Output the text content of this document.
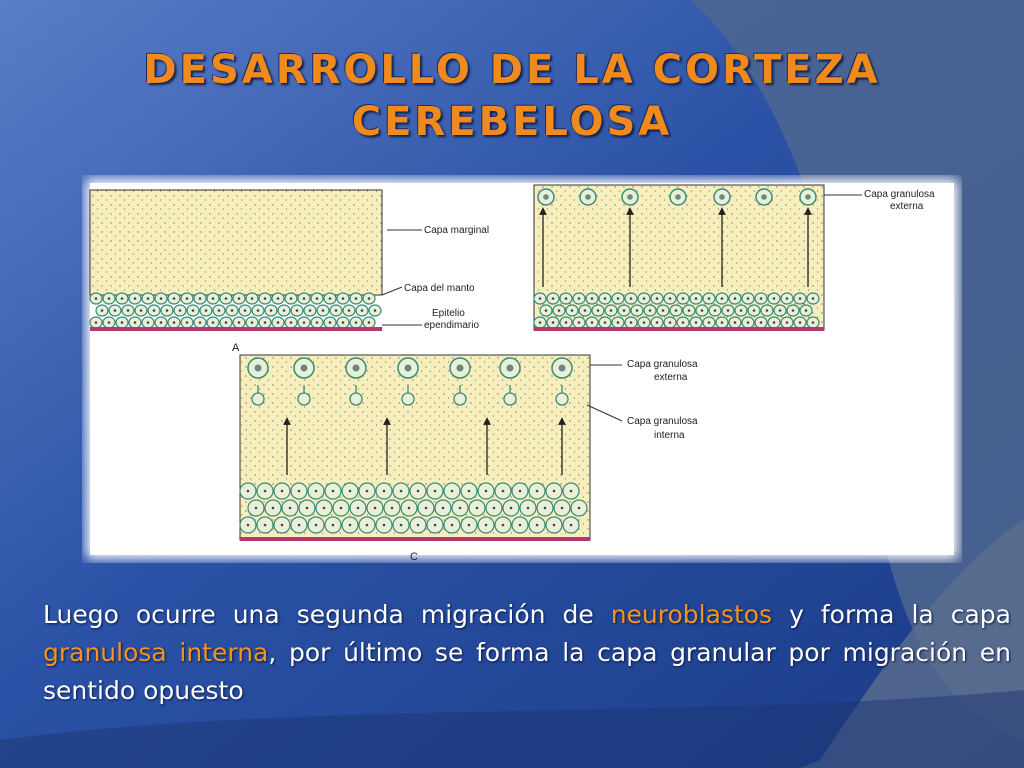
DESARROLLO DE LA CORTEZA
CEREBELOSA
Capa marginal
Capa del manto
Epitelio
ependimario
A
Capa granulosa
externa
Capa granulosa
externa
Capa granulosa
interna
C
Luego ocurre una segunda migración de neuroblastos y forma la capa granulosa interna, por último se forma la capa granular por migración en sentido opuesto
